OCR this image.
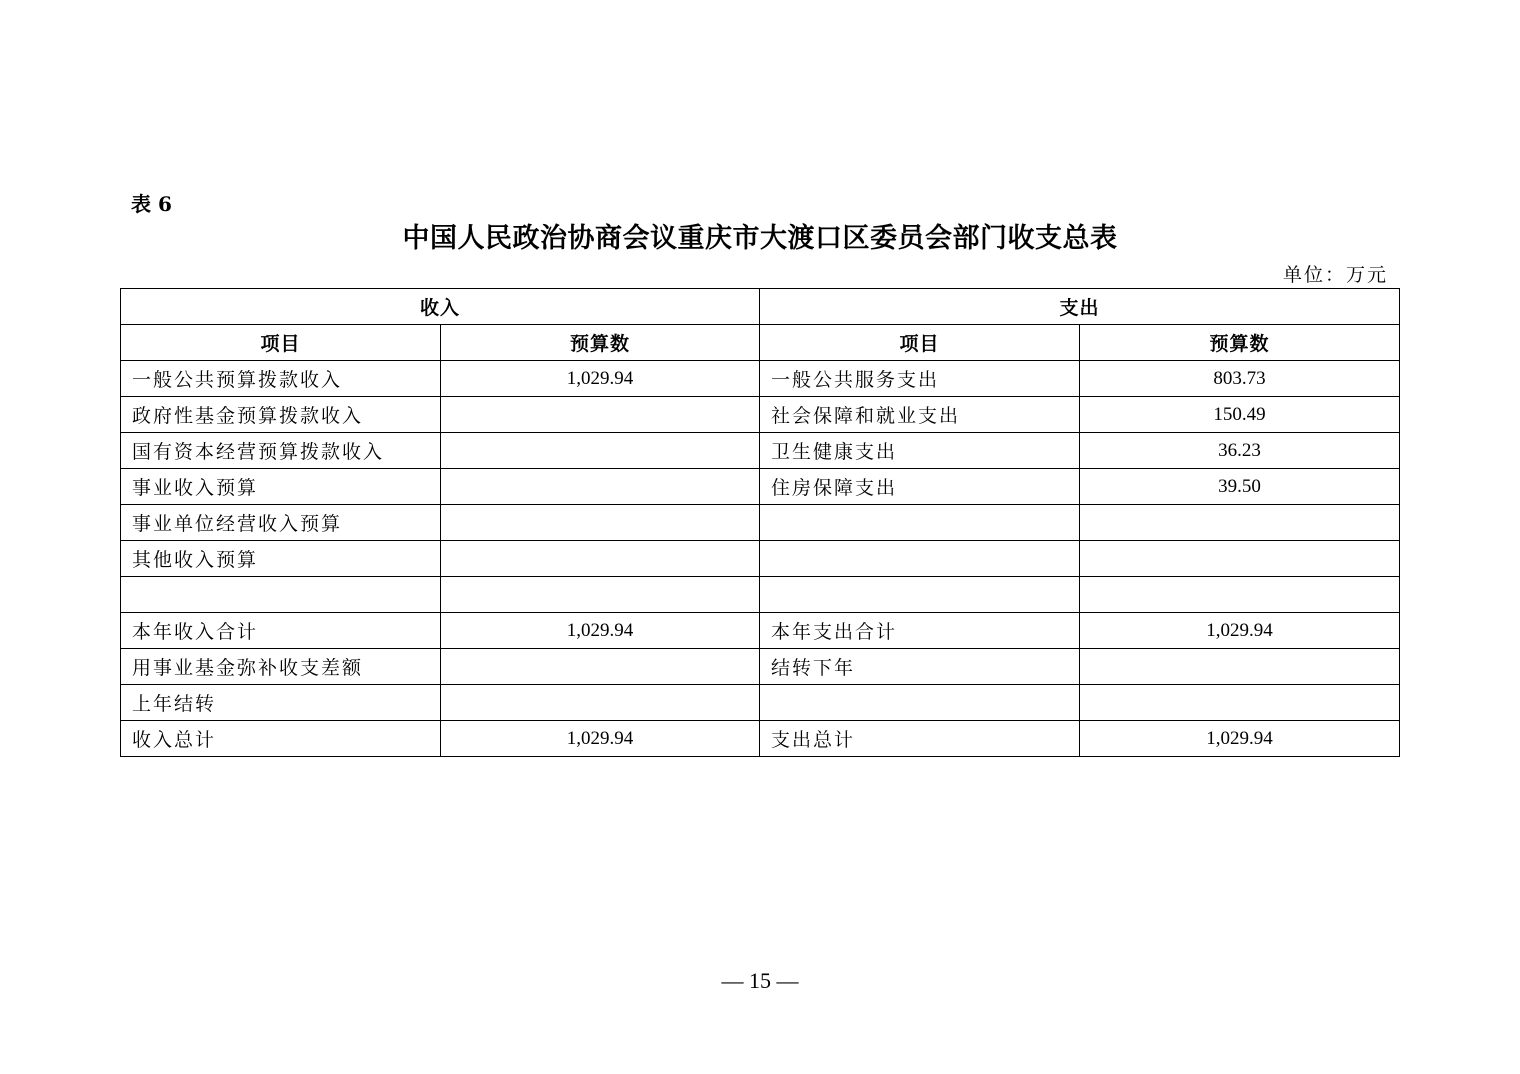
表 6
中国人民政治协商会议重庆市大渡口区委员会部门收支总表
单位：万元
收入		支出	
项目	预算数	项目	预算数
一般公共预算拨款收入	1,029.94	一般公共服务支出	803.73
政府性基金预算拨款收入		社会保障和就业支出	150.49
国有资本经营预算拨款收入		卫生健康支出	36.23
事业收入预算		住房保障支出	39.50
事业单位经营收入预算			
其他收入预算			

本年收入合计	1,029.94	本年支出合计	1,029.94
用事业基金弥补收支差额		结转下年	
上年结转			
收入总计	1,029.94	支出总计	1,029.94
— 15 —
